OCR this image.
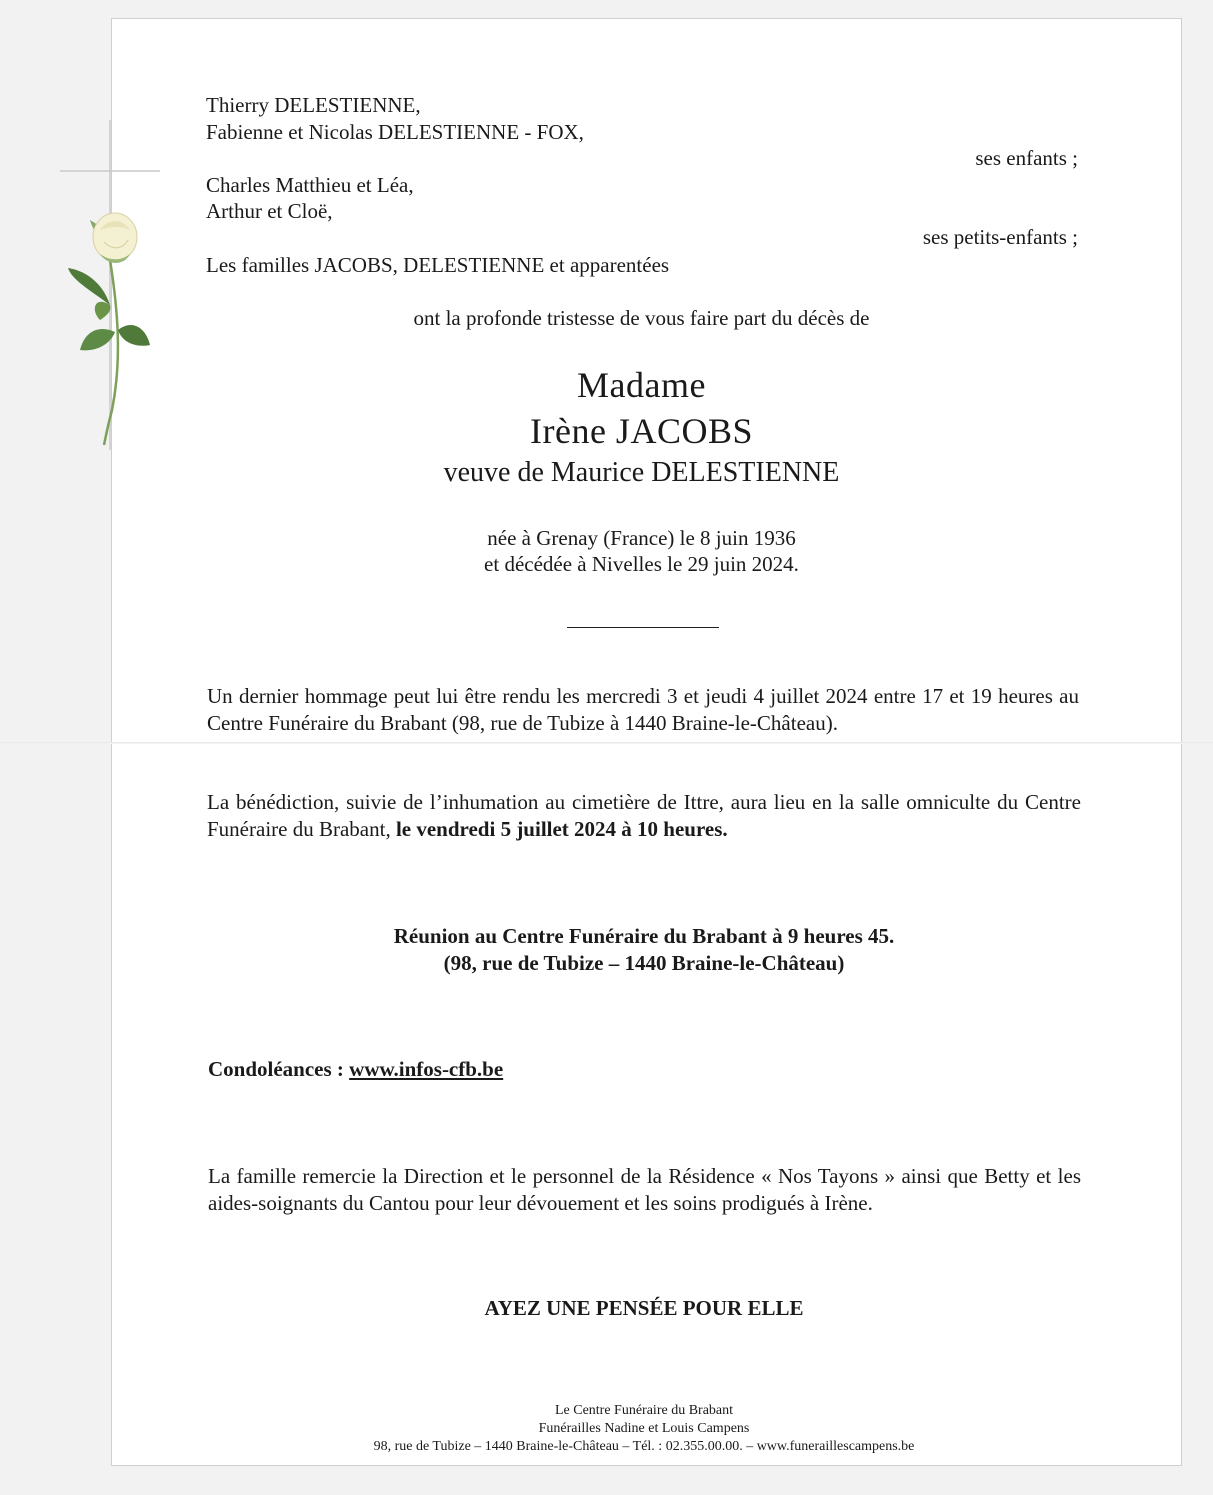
Thierry DELESTIENNE,
Fabienne et Nicolas DELESTIENNE - FOX,
ses enfants ;
Charles Matthieu et Léa,
Arthur et Cloë,
ses petits-enfants ;
Les familles JACOBS, DELESTIENNE et apparentées
ont la profonde tristesse de vous faire part du décès de
Madame
Irène JACOBS
veuve de Maurice DELESTIENNE
née à Grenay (France) le 8 juin 1936
et décédée à Nivelles le 29 juin 2024.
Un dernier hommage peut lui être rendu les mercredi 3 et jeudi 4 juillet 2024 entre 17 et 19 heures au Centre Funéraire du Brabant (98, rue de Tubize à 1440 Braine-le-Château).
La bénédiction, suivie de l’inhumation au cimetière de Ittre, aura lieu en la salle omniculte du Centre Funéraire du Brabant, le vendredi 5 juillet 2024 à 10 heures.
Réunion au Centre Funéraire du Brabant à 9 heures 45.
(98, rue de Tubize – 1440 Braine-le-Château)
Condoléances : www.infos-cfb.be
La famille remercie la Direction et le personnel de la Résidence « Nos Tayons » ainsi que Betty et les aides-soignants du Cantou pour leur dévouement et les soins prodigués à Irène.
AYEZ UNE PENSÉE POUR ELLE
Le Centre Funéraire du Brabant
Funérailles Nadine et Louis Campens
98, rue de Tubize – 1440 Braine-le-Château – Tél. : 02.355.00.00. – www.funeraillescampens.be
